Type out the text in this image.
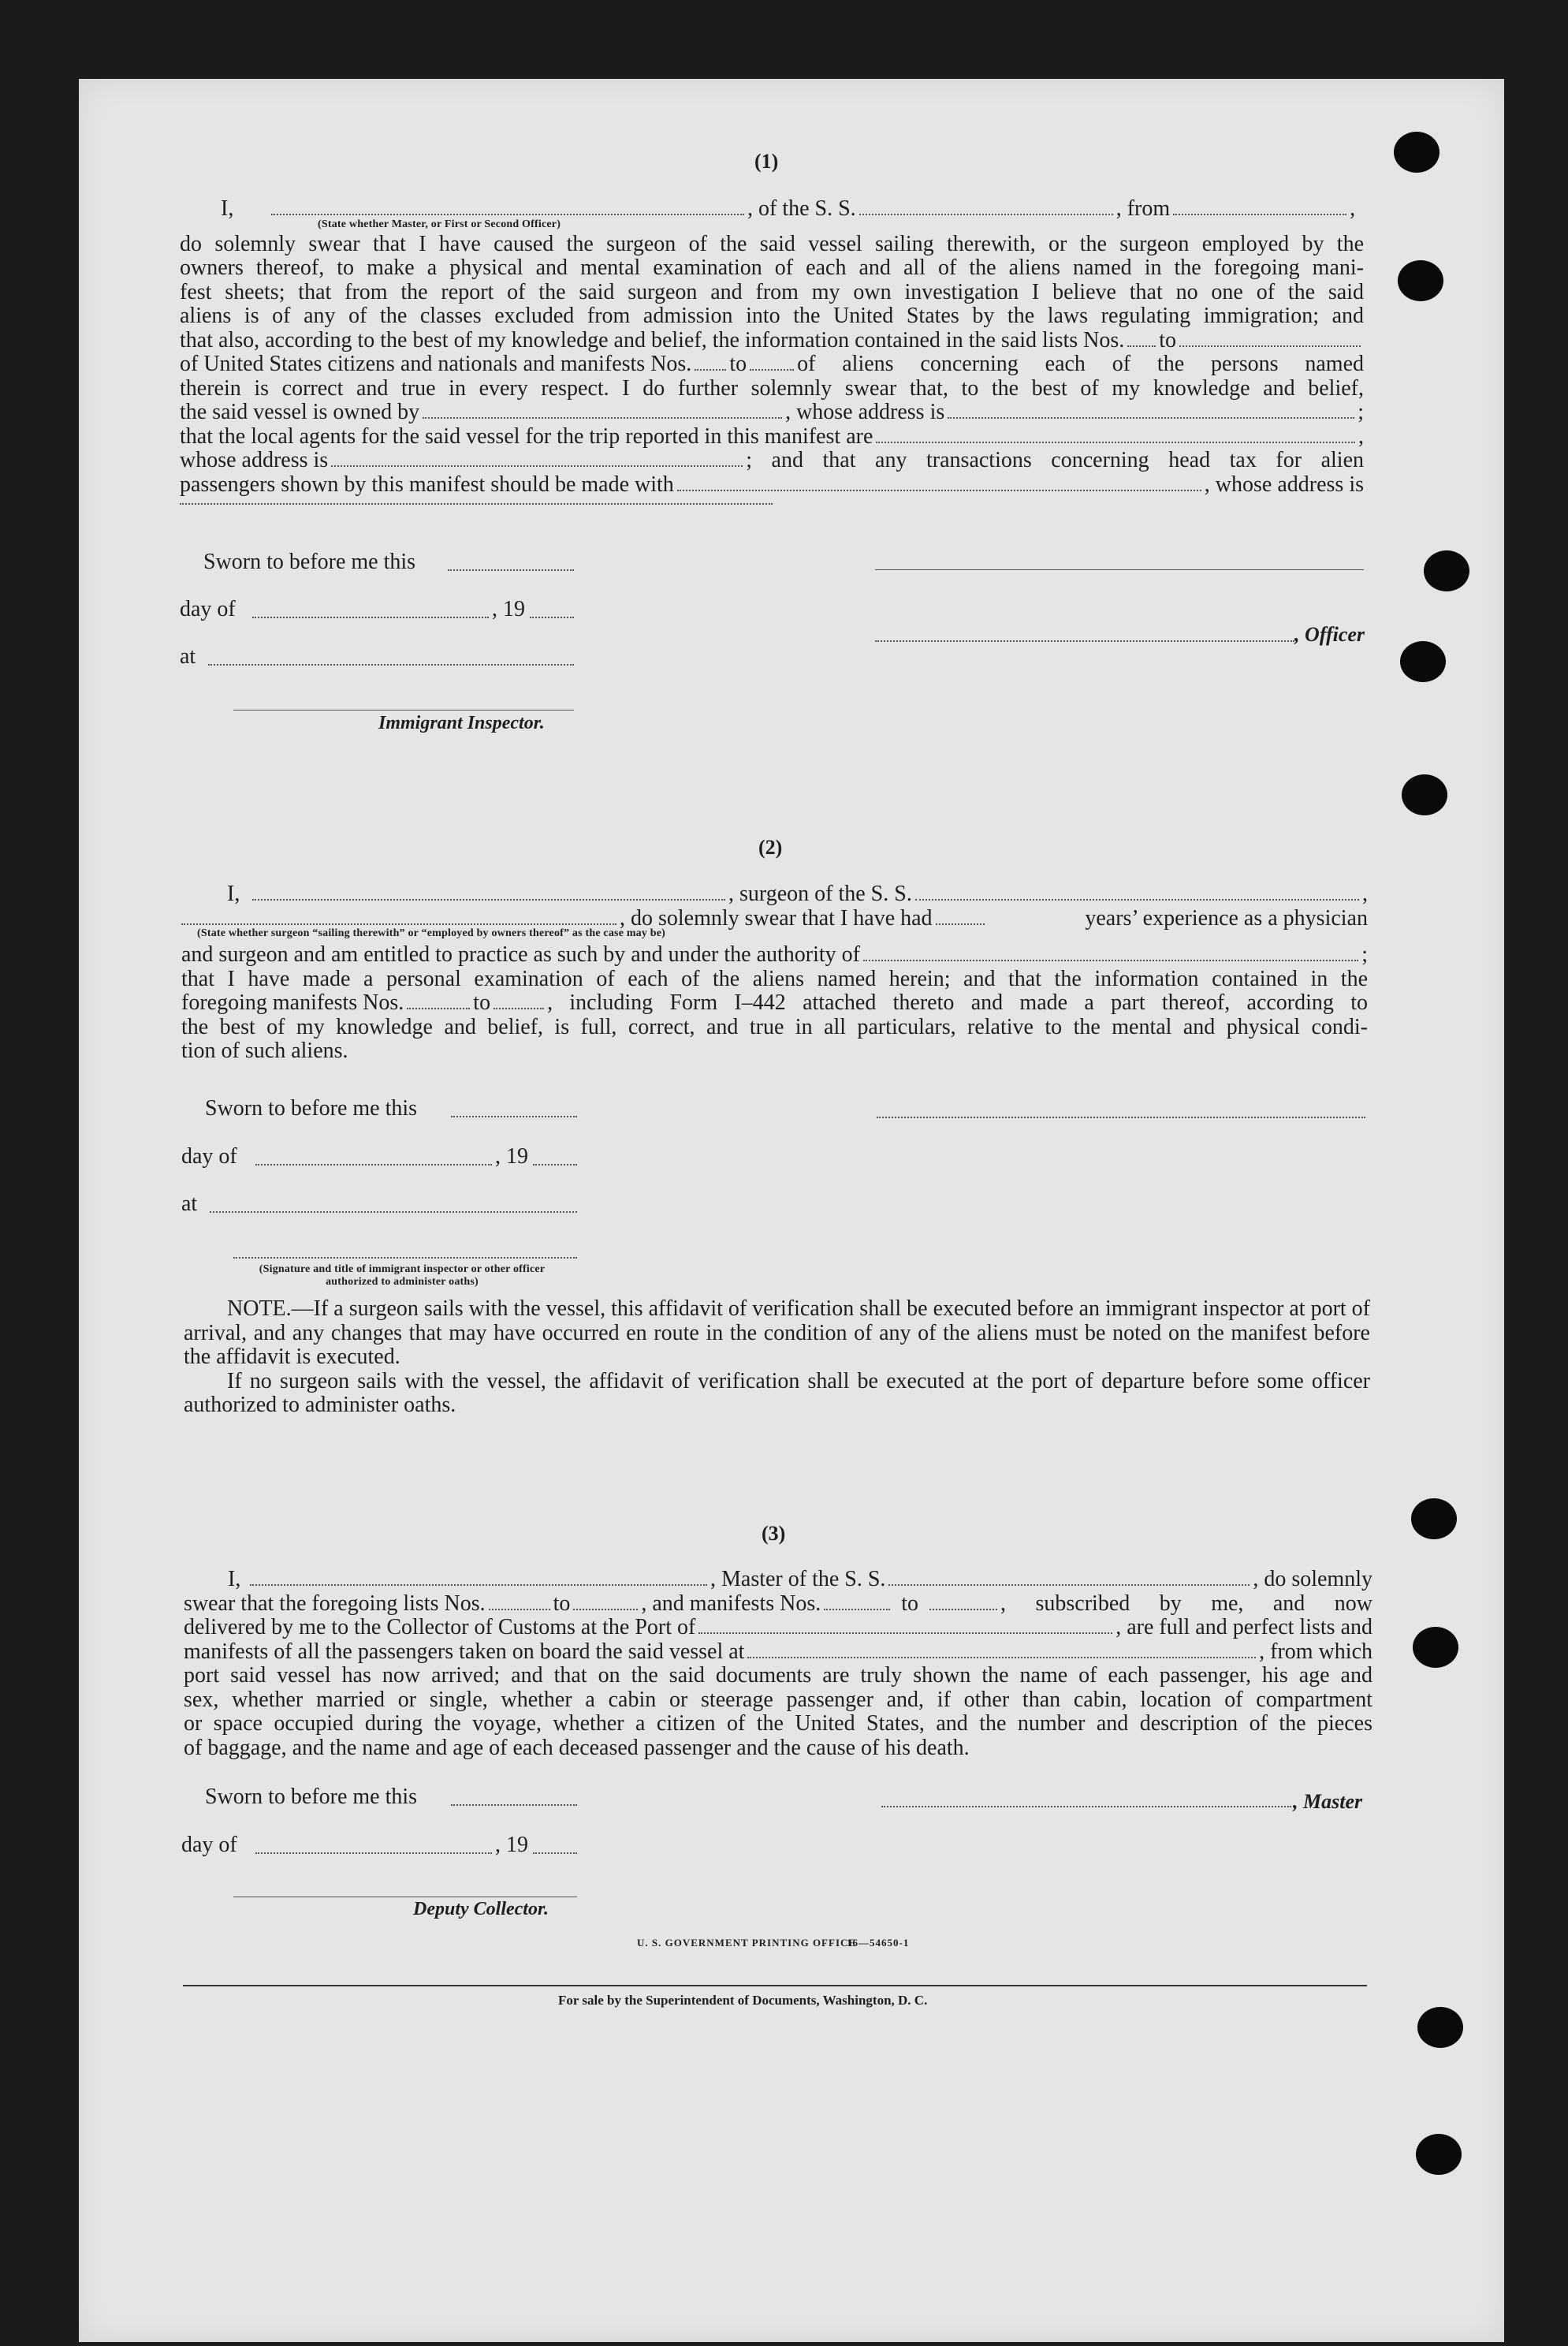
(1)
I,	, of the S. S.	, from	,
(State whether Master, or First or Second Officer)
do solemnly swear that I have caused the surgeon of the said vessel sailing therewith, or the surgeon employed by the
owners thereof, to make a physical and mental examination of each and all of the aliens named in the foregoing mani-
fest sheets; that from the report of the said surgeon and from my own investigation I believe that no one of the said
aliens is of any of the classes excluded from admission into the United States by the laws regulating immigration; and
that also, according to the best of my knowledge and belief, the information contained in the said lists Nos. to
of United States citizens and nationals and manifests Nos. to of aliens concerning each of the persons named
therein is correct and true in every respect. I do further solemnly swear that, to the best of my knowledge and belief,
the said vessel is owned by	, whose address is	;
that the local agents for the said vessel for the trip reported in this manifest are	,
whose address is	; and that any transactions concerning head tax for alien
passengers shown by this manifest should be made with	, whose address is
Sworn to before me this
day of	, 19
at
Immigrant Inspector.
, Officer
(2)
I,	, surgeon of the S. S.	,
, do solemnly swear that I have had	years’ experience as a physician
(State whether surgeon “sailing therewith” or “employed by owners thereof” as the case may be)
and surgeon and am entitled to practice as such by and under the authority of	;
that I have made a personal examination of each of the aliens named herein; and that the information contained in the
foregoing manifests Nos.	to	, including Form I–442 attached thereto and made a part thereof, according to
the best of my knowledge and belief, is full, correct, and true in all particulars, relative to the mental and physical condi-
tion of such aliens.
Sworn to before me this
day of	, 19
at
(Signature and title of immigrant inspector or other officer authorized to administer oaths)
NOTE.—If a surgeon sails with the vessel, this affidavit of verification shall be executed before an immigrant inspector at port of arrival, and any changes that may have occurred en route in the condition of any of the aliens must be noted on the manifest before the affidavit is executed.
If no surgeon sails with the vessel, the affidavit of verification shall be executed at the port of departure before some officer authorized to administer oaths.
(3)
I,	, Master of the S. S.	, do solemnly
swear that the foregoing lists Nos.	to	, and manifests Nos.	to	, subscribed by me, and now
delivered by me to the Collector of Customs at the Port of	, are full and perfect lists and
manifests of all the passengers taken on board the said vessel at	, from which
port said vessel has now arrived; and that on the said documents are truly shown the name of each passenger, his age and
sex, whether married or single, whether a cabin or steerage passenger and, if other than cabin, location of compartment
or space occupied during the voyage, whether a citizen of the United States, and the number and description of the pieces
of baggage, and the name and age of each deceased passenger and the cause of his death.
Sworn to before me this
day of	, 19
Deputy Collector.
, Master
U. S. GOVERNMENT PRINTING OFFICE
16—54650-1
For sale by the Superintendent of Documents, Washington, D. C.
